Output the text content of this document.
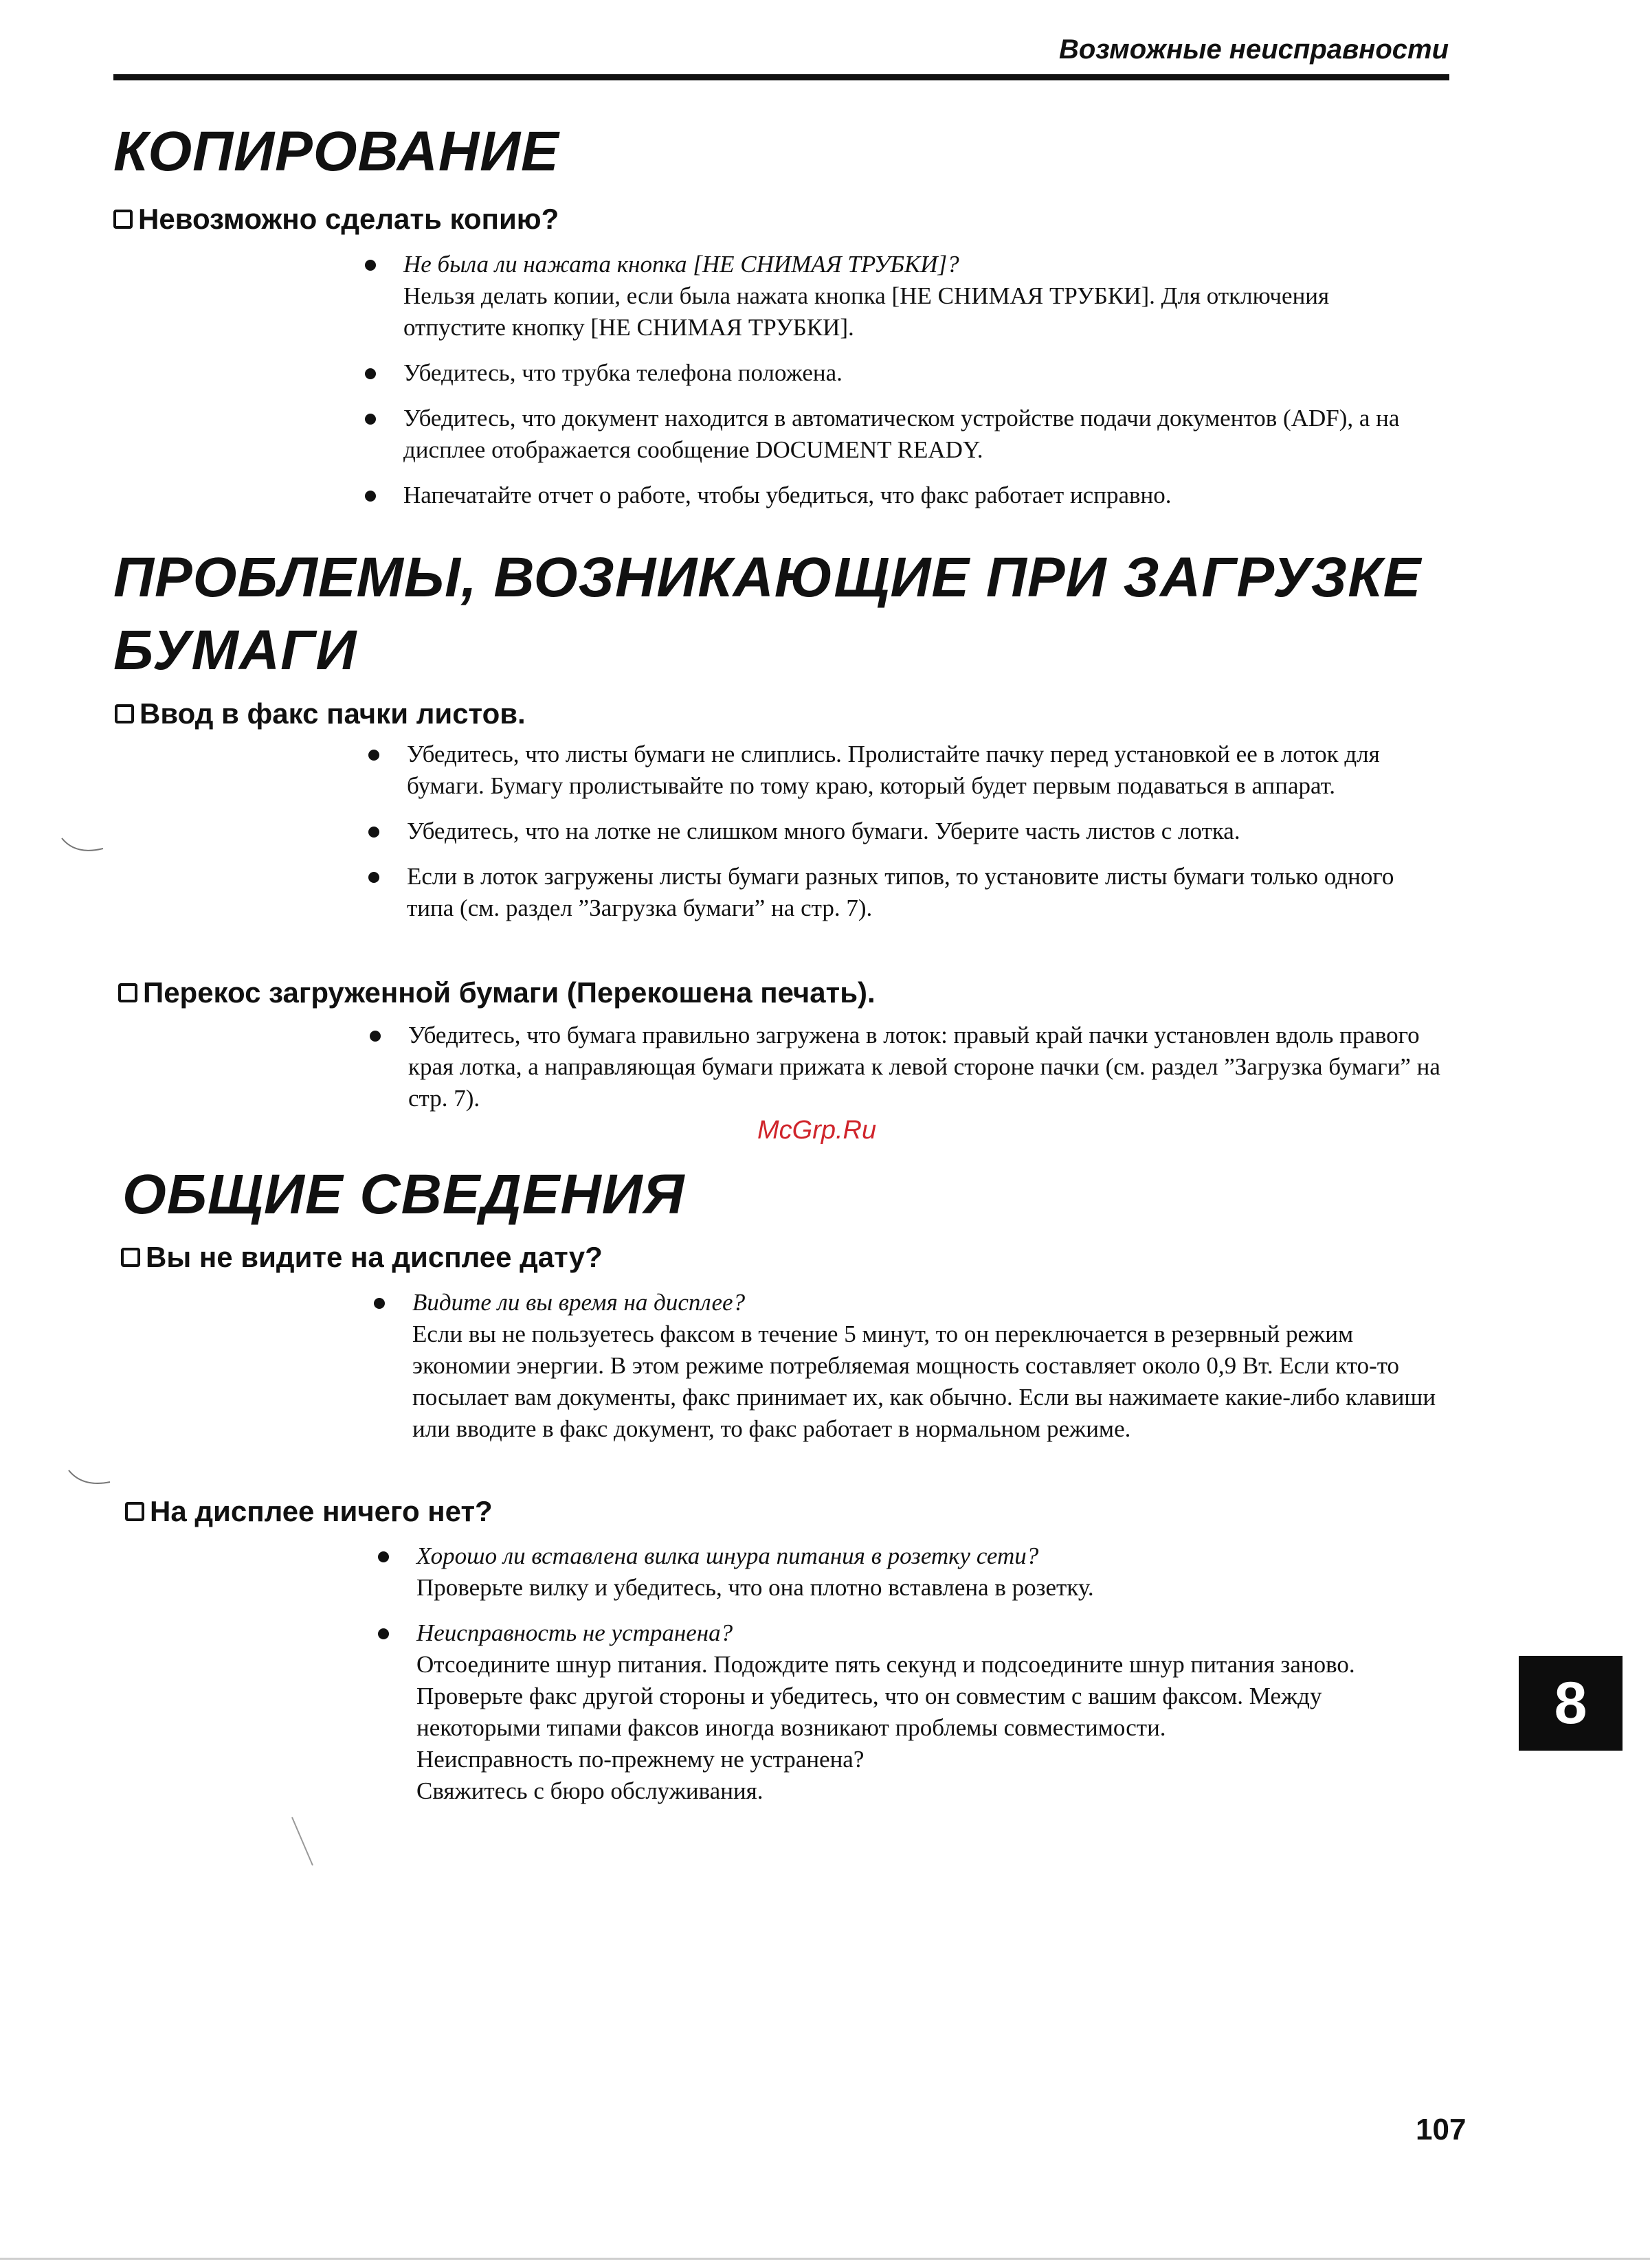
Возможные неисправности
КОПИРОВАНИЕ
Невозможно сделать копию?
Не была ли нажата кнопка [НЕ СНИМАЯ ТРУБКИ]?
Нельзя делать копии, если была нажата кнопка [НЕ СНИМАЯ ТРУБКИ]. Для отключения отпустите кнопку [НЕ СНИМАЯ ТРУБКИ].
Убедитесь, что трубка телефона положена.
Убедитесь, что документ находится в автоматическом устройстве подачи документов (ADF), а на дисплее отображается сообщение DOCUMENT READY.
Напечатайте отчет о работе, чтобы убедиться, что факс работает исправно.
ПРОБЛЕМЫ, ВОЗНИКАЮЩИЕ ПРИ ЗАГРУЗКЕ
БУМАГИ
Ввод в факс пачки листов.
Убедитесь, что листы бумаги не слиплись. Пролистайте пачку перед установкой ее в лоток для бумаги. Бумагу пролистывайте по тому краю, который будет первым подаваться в аппарат.
Убедитесь, что на лотке не слишком много бумаги. Уберите часть листов с лотка.
Если в лоток загружены листы бумаги разных типов, то установите листы бумаги только одного типа (см. раздел ”Загрузка бумаги” на стр. 7).
Перекос загруженной бумаги (Перекошена печать).
Убедитесь, что бумага правильно загружена в лоток: правый край пачки установлен вдоль правого края лотка, а направляющая бумаги прижата к левой стороне пачки (см. раздел ”Загрузка бумаги” на стр. 7).
McGrp.Ru
ОБЩИЕ СВЕДЕНИЯ
Вы не видите на дисплее дату?
Видите ли вы время на дисплее?
Если вы не пользуетесь факсом в течение 5 минут, то он переключается в резервный режим экономии энергии. В этом режиме потребляемая мощность составляет около 0,9 Вт. Если кто-то посылает вам документы, факс принимает их, как обычно. Если вы нажимаете какие-либо клавиши или вводите в факс документ, то факс работает в нормальном режиме.
На дисплее ничего нет?
Хорошо ли вставлена вилка шнура питания в розетку сети?
Проверьте вилку и убедитесь, что она плотно вставлена в розетку.
Неисправность не устранена?
Отсоедините шнур питания. Подождите пять секунд и подсоедините шнур питания заново.
Проверьте факс другой стороны и убедитесь, что он совместим с вашим факсом. Между некоторыми типами факсов иногда возникают проблемы совместимости.
Неисправность по-прежнему не устранена?
Свяжитесь с бюро обслуживания.
8
107
